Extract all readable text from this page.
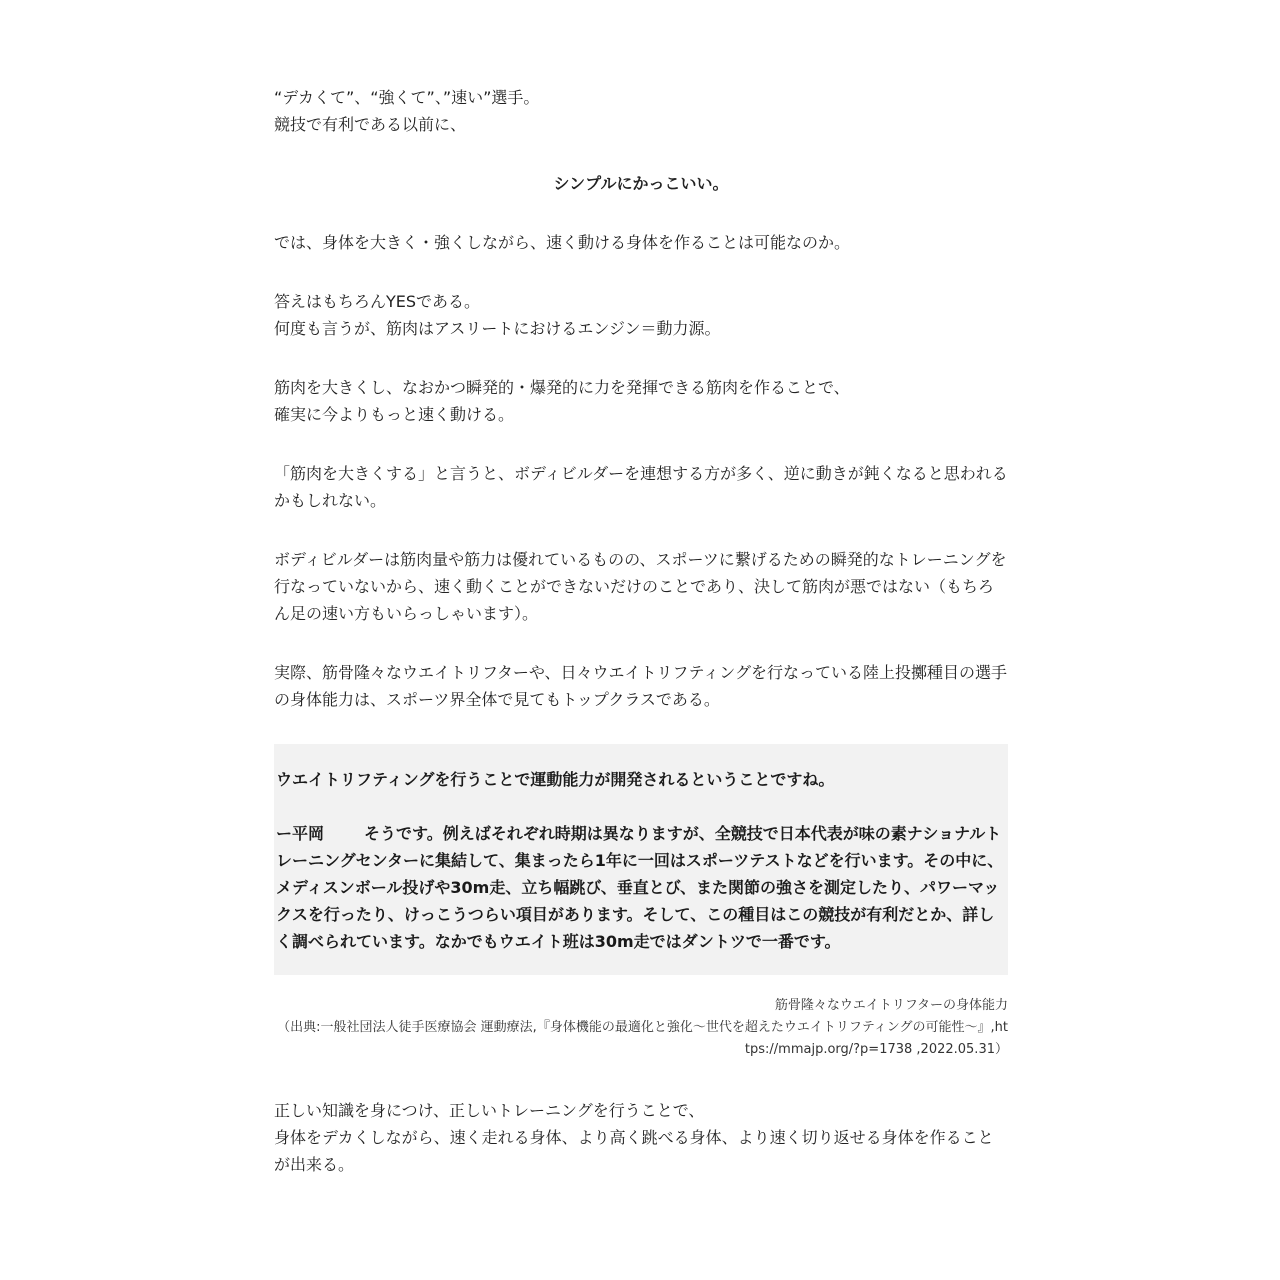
“デカくて”、“強くて”、”速い”選手。
競技で有利である以前に、

シンプルにかっこいい。

では、身体を大きく・強くしながら、速く動ける身体を作ることは可能なのか。

答えはもちろんYESである。
何度も言うが、筋肉はアスリートにおけるエンジン＝動力源。

筋肉を大きくし、なおかつ瞬発的・爆発的に力を発揮できる筋肉を作ることで、
確実に今よりもっと速く動ける。

「筋肉を大きくする」と言うと、ボディビルダーを連想する方が多く、逆に動きが鈍くなると思われるかもしれない。

ボディビルダーは筋肉量や筋力は優れているものの、スポーツに繋げるための瞬発的なトレーニングを行なっていないから、速く動くことができないだけのことであり、決して筋肉が悪ではない（もちろん足の速い方もいらっしゃいます）。

実際、筋骨隆々なウエイトリフターや、日々ウエイトリフティングを行なっている陸上投擲種目の選手の身体能力は、スポーツ界全体で見てもトップクラスである。

ウエイトリフティングを行うことで運動能力が開発されるということですね。

ー平岡 そうです。例えばそれぞれ時期は異なりますが、全競技で日本代表が味の素ナショナルトレーニングセンターに集結して、集まったら1年に一回はスポーツテストなどを行います。その中に、メディスンボール投げや30m走、立ち幅跳び、垂直とび、また関節の強さを測定したり、パワーマックスを行ったり、けっこうつらい項目があります。そして、この種目はこの競技が有利だとか、詳しく調べられています。なかでもウエイト班は30m走ではダントツで一番です。

筋骨隆々なウエイトリフターの身体能力
（出典:一般社団法人徒手医療協会 運動療法,『身体機能の最適化と強化〜世代を超えたウエイトリフティングの可能性〜』,https://mmajp.org/?p=1738 ,2022.05.31）

正しい知識を身につけ、正しいトレーニングを行うことで、
身体をデカくしながら、速く走れる身体、より高く跳べる身体、より速く切り返せる身体を作ることが出来る。
